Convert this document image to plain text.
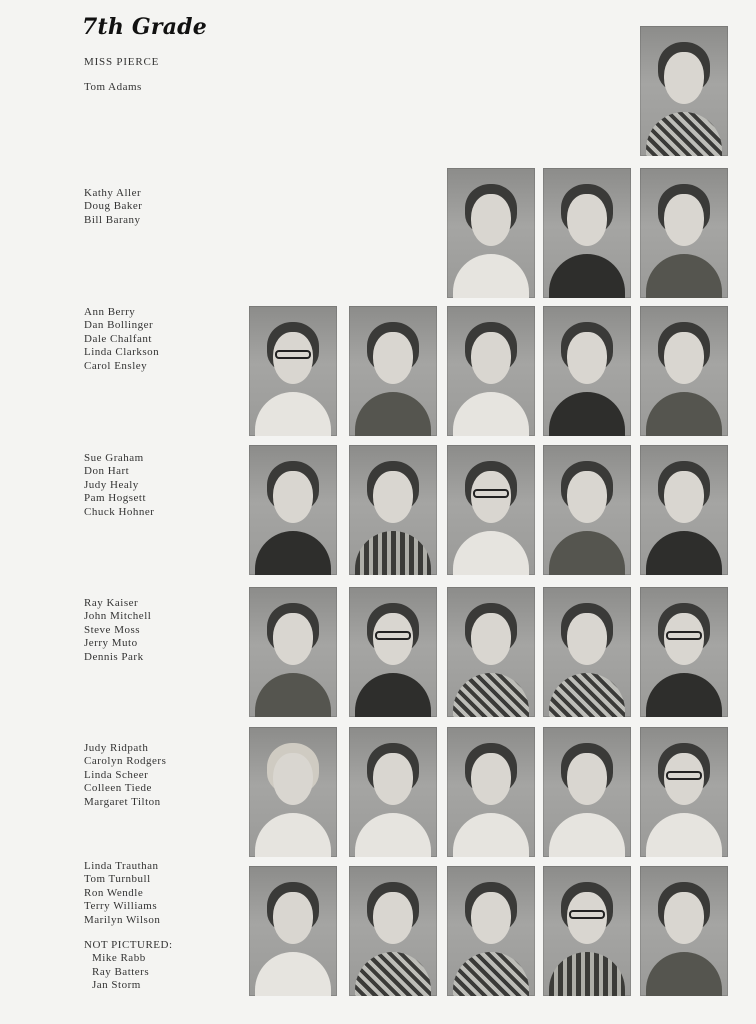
7th Grade
MISS PIERCE
Tom Adams
Kathy Aller
Doug Baker
Bill Barany
Ann Berry
Dan Bollinger
Dale Chalfant
Linda Clarkson
Carol Ensley
Sue Graham
Don Hart
Judy Healy
Pam Hogsett
Chuck Hohner
Ray Kaiser
John Mitchell
Steve Moss
Jerry Muto
Dennis Park
Judy Ridpath
Carolyn Rodgers
Linda Scheer
Colleen Tiede
Margaret Tilton
Linda Trauthan
Tom Turnbull
Ron Wendle
Terry Williams
Marilyn Wilson
NOT PICTURED:
Mike Rabb
Ray Batters
Jan Storm
